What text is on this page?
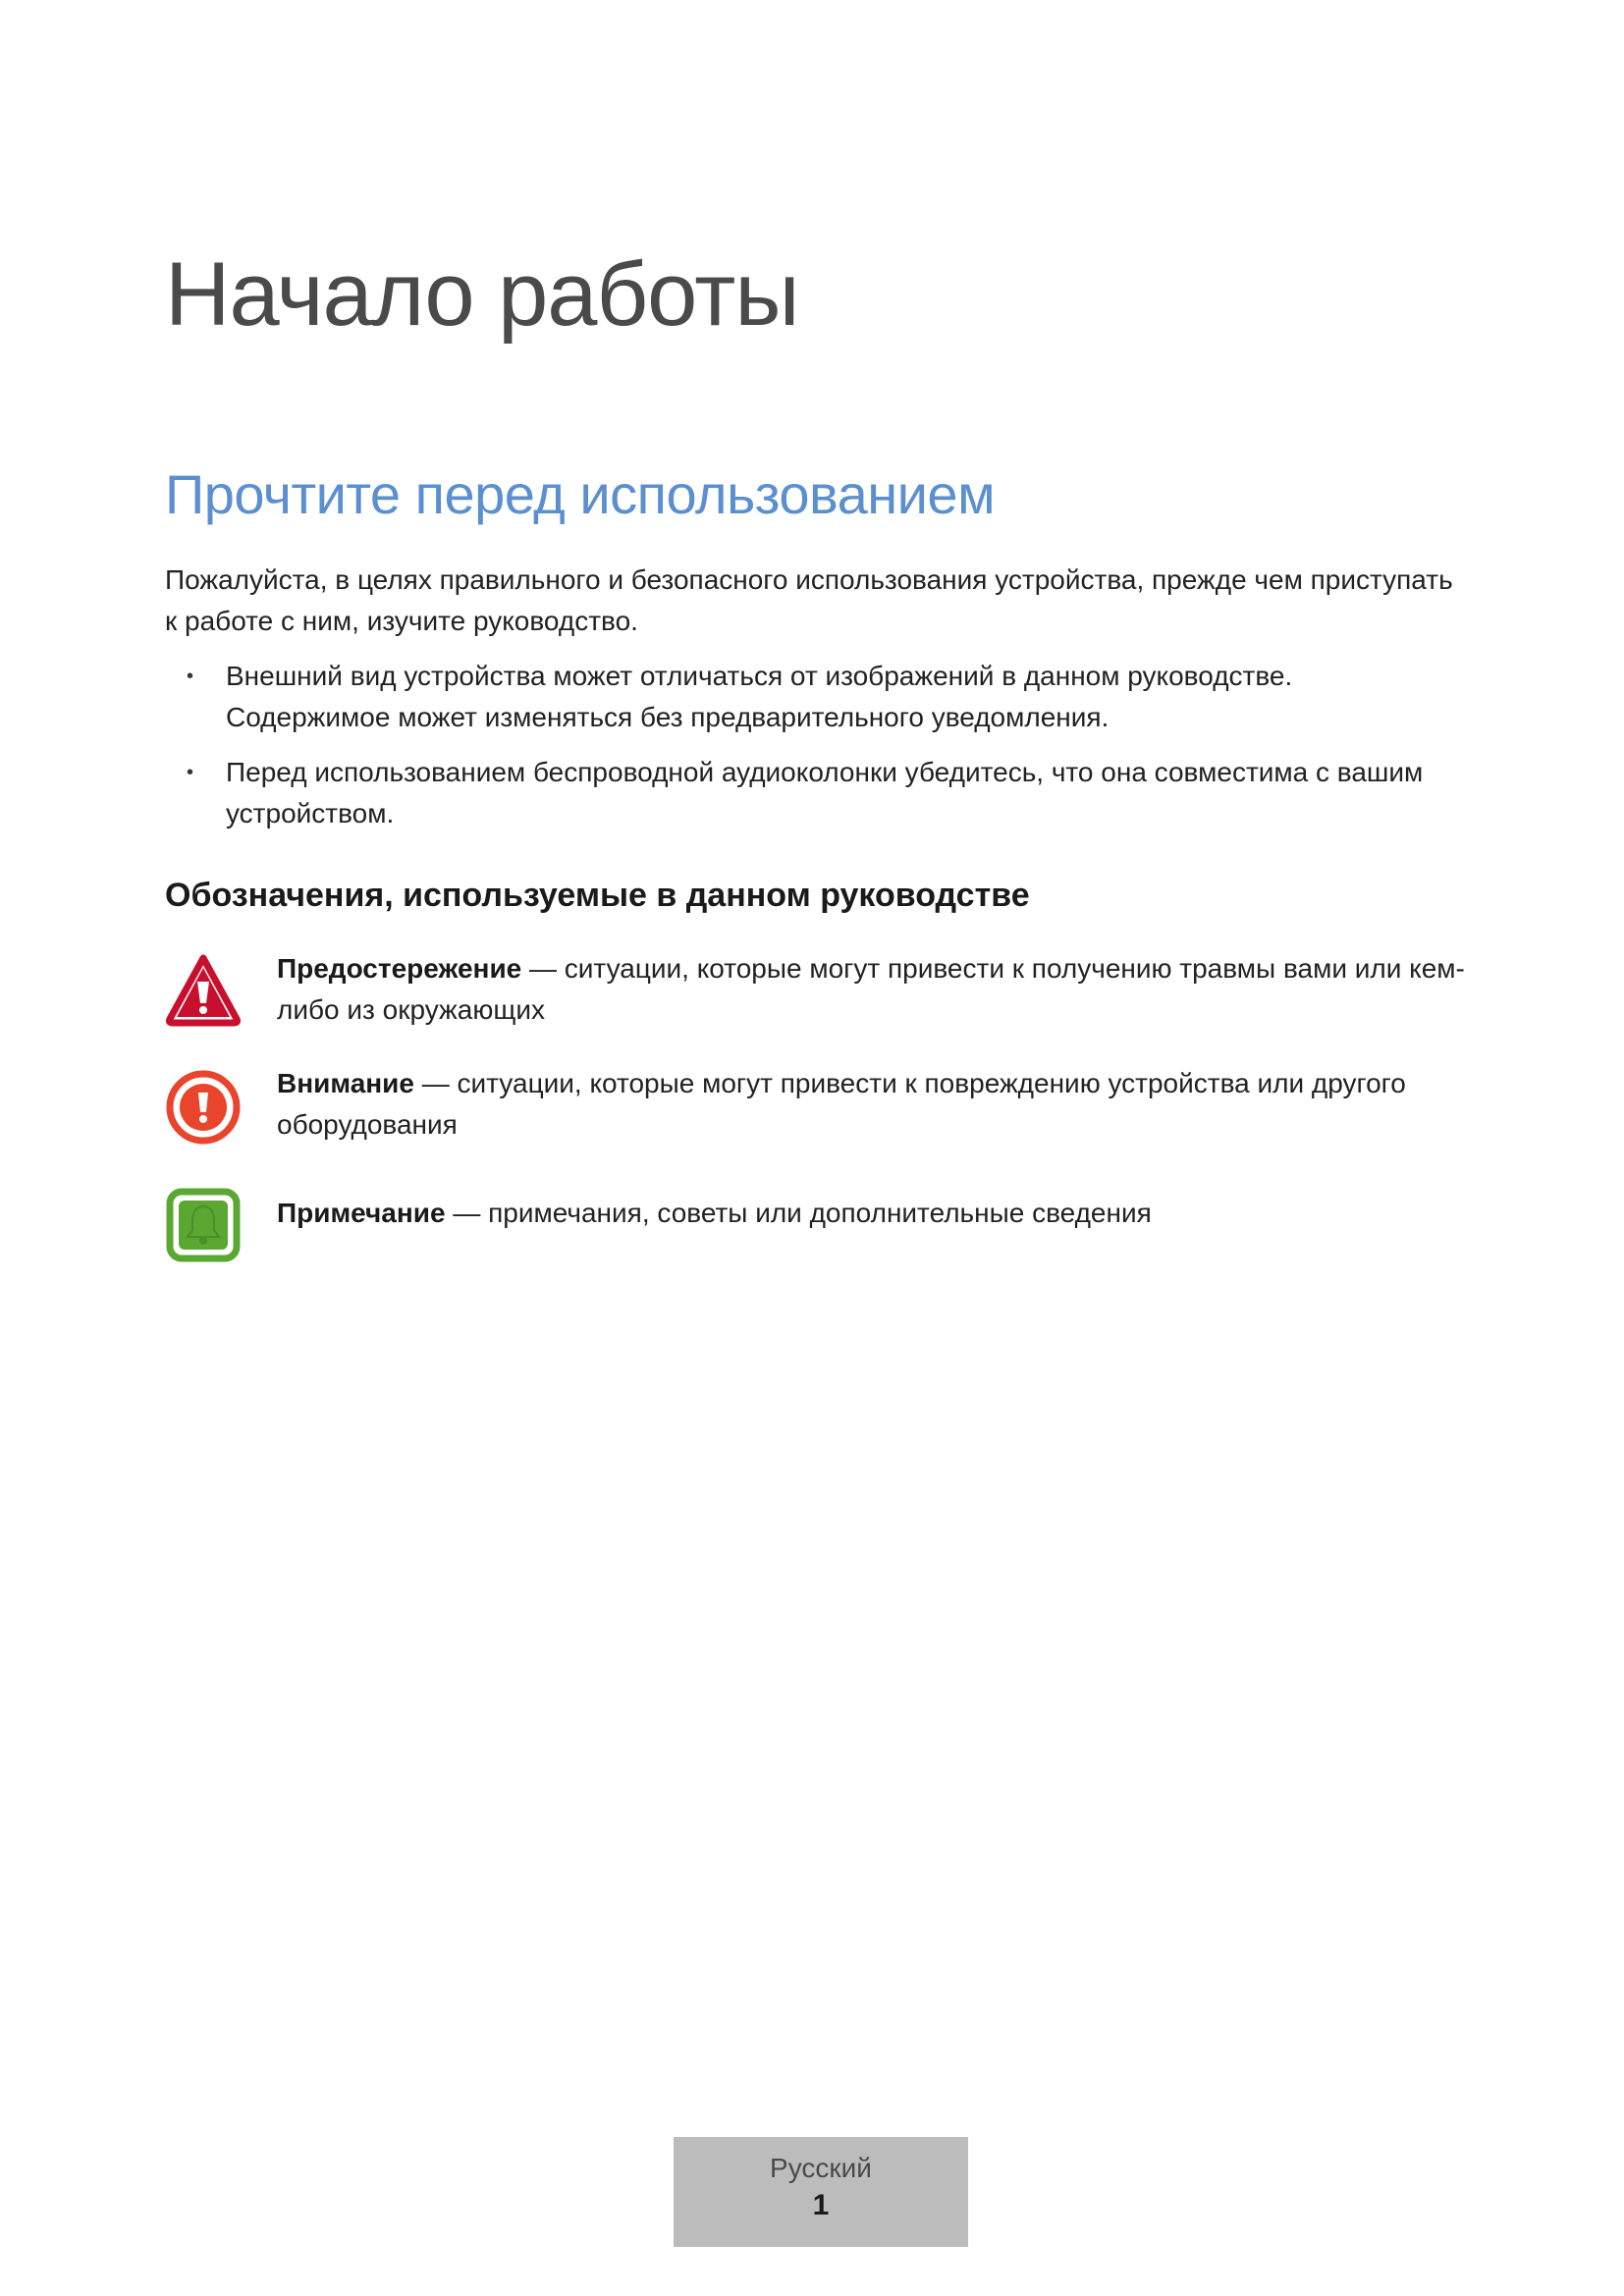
Начало работы
Прочтите перед использованием

Пожалуйста, в целях правильного и безопасного использования устройства, прежде чем приступать к работе с ним, изучите руководство.

• Внешний вид устройства может отличаться от изображений в данном руководстве.
Содержимое может изменяться без предварительного уведомления.
• Перед использованием беспроводной аудиоколонки убедитесь, что она совместима с вашим устройством.
Обозначения, используемые в данном руководстве
Предостережение — ситуации, которые могут привести к получению травмы вами или кем-либо из окружающих
Внимание — ситуации, которые могут привести к повреждению устройства или другого оборудования
Примечание — примечания, советы или дополнительные сведения
Русский
1
